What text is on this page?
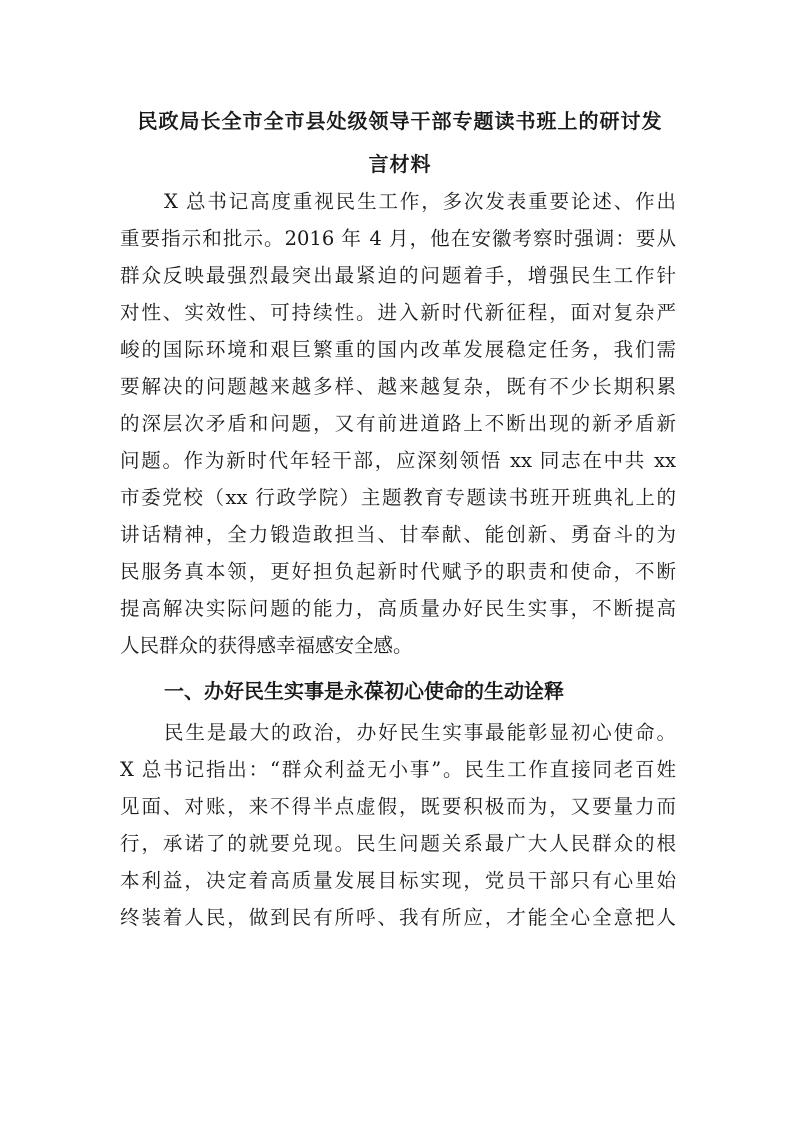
民政局长全市全市县处级领导干部专题读书班上的研讨发
言材料

X 总书记高度重视民生工作，多次发表重要论述、作出

重要指示和批示。2016 年 4 月，他在安徽考察时强调：要从

群众反映最强烈最突出最紧迫的问题着手，增强民生工作针

对性、实效性、可持续性。进入新时代新征程，面对复杂严

峻的国际环境和艰巨繁重的国内改革发展稳定任务，我们需

要解决的问题越来越多样、越来越复杂，既有不少长期积累

的深层次矛盾和问题，又有前进道路上不断出现的新矛盾新

问题。作为新时代年轻干部，应深刻领悟 xx 同志在中共 xx

市委党校（xx 行政学院）主题教育专题读书班开班典礼上的

讲话精神，全力锻造敢担当、甘奉献、能创新、勇奋斗的为

民服务真本领，更好担负起新时代赋予的职责和使命，不断

提高解决实际问题的能力，高质量办好民生实事，不断提高

人民群众的获得感幸福感安全感。

一、办好民生实事是永葆初心使命的生动诠释

民生是最大的政治，办好民生实事最能彰显初心使命。

X 总书记指出：“群众利益无小事”。民生工作直接同老百姓

见面、对账，来不得半点虚假，既要积极而为，又要量力而

行，承诺了的就要兑现。民生问题关系最广大人民群众的根

本利益，决定着高质量发展目标实现，党员干部只有心里始

终装着人民，做到民有所呼、我有所应，才能全心全意把人
